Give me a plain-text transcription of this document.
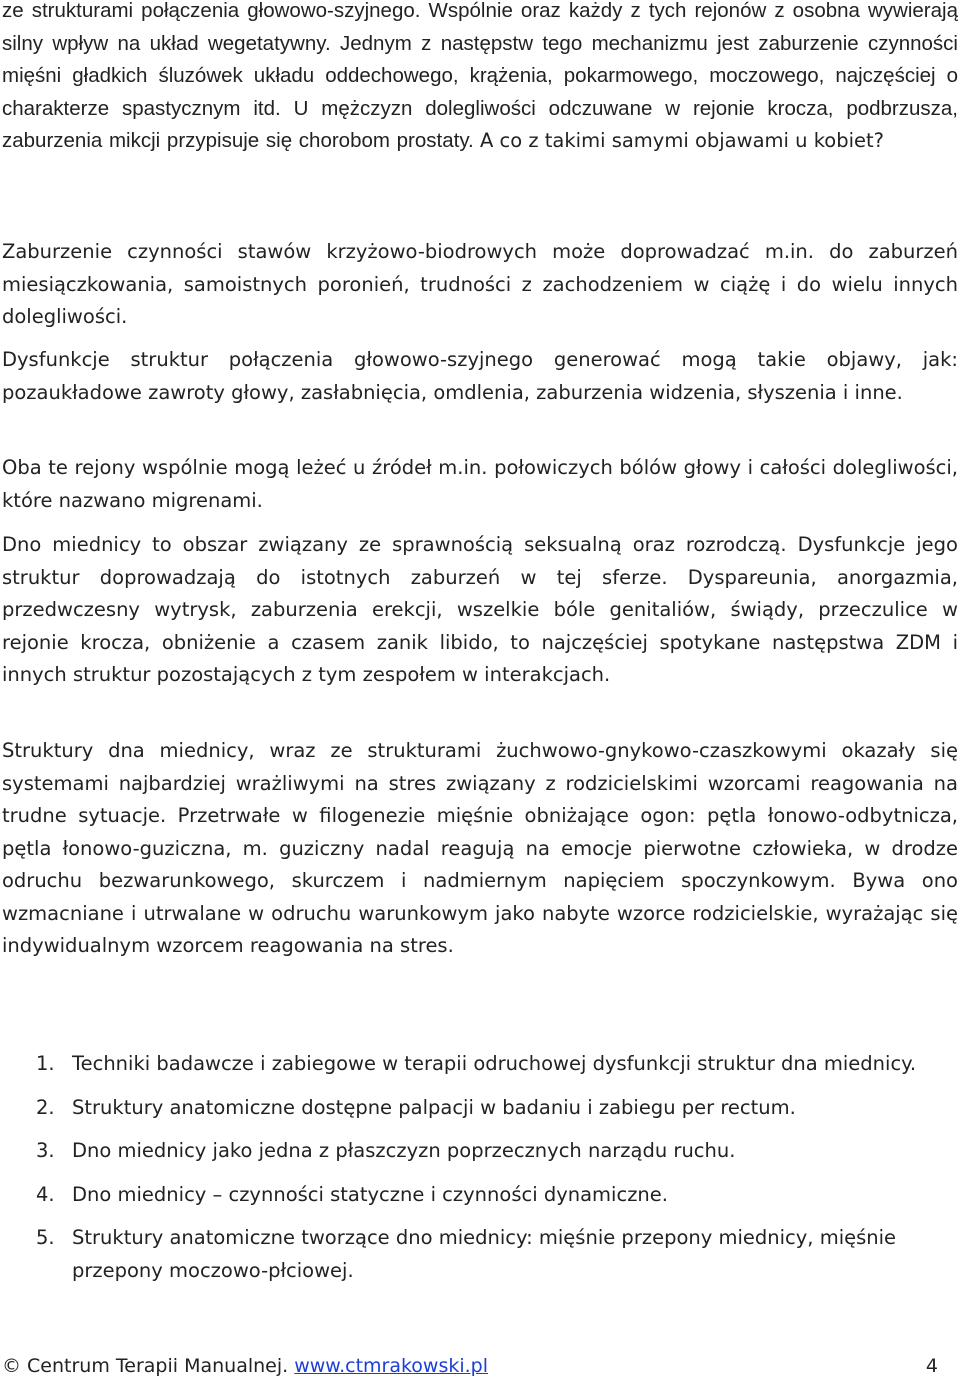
ze strukturami połączenia głowowo-szyjnego. Wspólnie oraz każdy z tych rejonów z osobna wywierają silny wpływ na układ wegetatywny. Jednym z następstw tego mechanizmu jest zaburzenie czynności mięśni gładkich śluzówek układu oddechowego, krążenia, pokarmowego, moczowego, najczęściej o charakterze spastycznym itd. U mężczyzn dolegliwości odczuwane w rejonie krocza, podbrzusza, zaburzenia mikcji przypisuje się chorobom prostaty. A co z takimi samymi objawami u kobiet?

Zaburzenie czynności stawów krzyżowo-biodrowych może doprowadzać m.in. do zaburzeń miesiączkowania, samoistnych poronień, trudności z zachodzeniem w ciążę i do wielu innych dolegliwości.

Dysfunkcje struktur połączenia głowowo-szyjnego generować mogą takie objawy, jak: pozaukładowe zawroty głowy, zasłabnięcia, omdlenia, zaburzenia widzenia, słyszenia i inne.

Oba te rejony wspólnie mogą leżeć u źródeł m.in. połowiczych bólów głowy i całości dolegliwości, które nazwano migrenami.

Dno miednicy to obszar związany ze sprawnością seksualną oraz rozrodczą. Dysfunkcje jego struktur doprowadzają do istotnych zaburzeń w tej sferze. Dyspareunia, anorgazmia, przedwczesny wytrysk, zaburzenia erekcji, wszelkie bóle genitaliów, świądy, przeczulice w rejonie krocza, obniżenie a czasem zanik libido, to najczęściej spotykane następstwa ZDM i innych struktur pozostających z tym zespołem w interakcjach.

Struktury dna miednicy, wraz ze strukturami żuchwowo-gnykowo-czaszkowymi okazały się systemami najbardziej wrażliwymi na stres związany z rodzicielskimi wzorcami reagowania na trudne sytuacje. Przetrwałe w filogenezie mięśnie obniżające ogon: pętla łonowo-odbytnicza, pętla łonowo-guziczna, m. guziczny nadal reagują na emocje pierwotne człowieka, w drodze odruchu bezwarunkowego, skurczem i nadmiernym napięciem spoczynkowym. Bywa ono wzmacniane i utrwalane w odruchu warunkowym jako nabyte wzorce rodzicielskie, wyrażając się indywidualnym wzorcem reagowania na stres.

1. Techniki badawcze i zabiegowe w terapii odruchowej dysfunkcji struktur dna miednicy.
2. Struktury anatomiczne dostępne palpacji w badaniu i zabiegu per rectum.
3. Dno miednicy jako jedna z płaszczyzn poprzecznych narządu ruchu.
4. Dno miednicy – czynności statyczne i czynności dynamiczne.
5. Struktury anatomiczne tworzące dno miednicy: mięśnie przepony miednicy, mięśnie przepony moczowo-płciowej.
© Centrum Terapii Manualnej. www.ctmrakowski.pl	4
